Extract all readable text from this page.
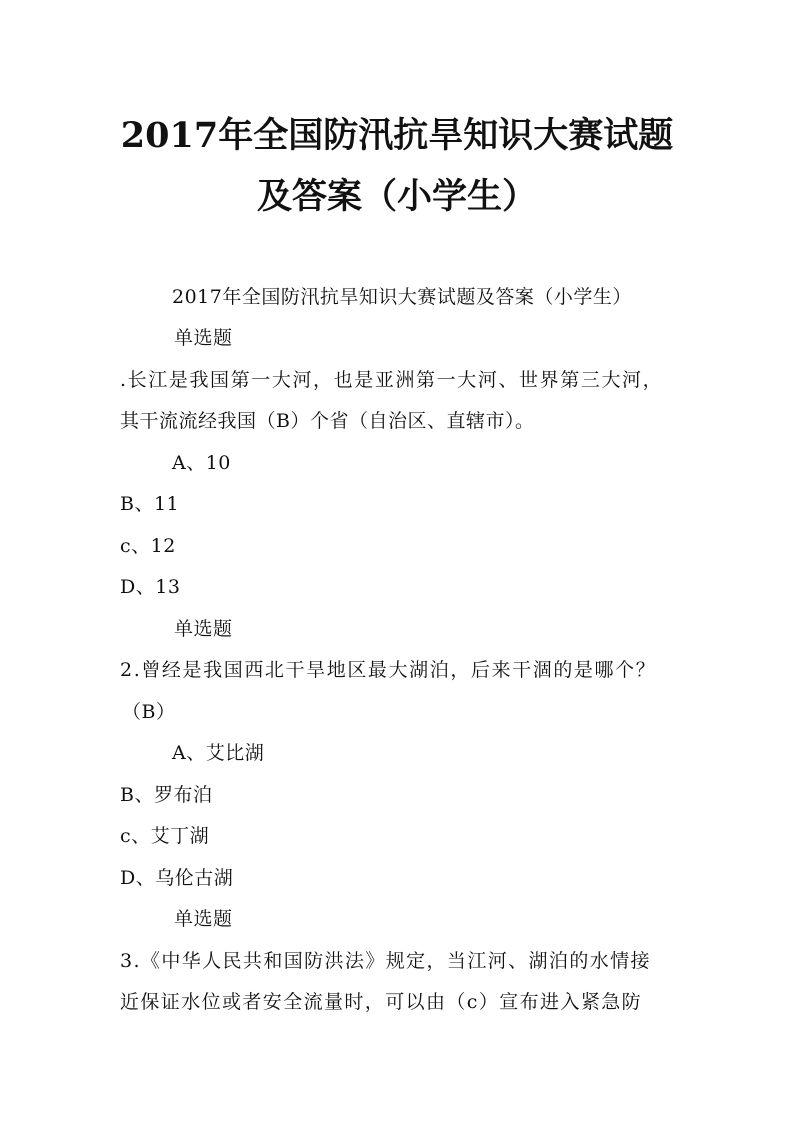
2017年全国防汛抗旱知识大赛试题
及答案（小学生）
2017年全国防汛抗旱知识大赛试题及答案（小学生）
单选题
.长江是我国第一大河，也是亚洲第一大河、世界第三大河，
其干流流经我国（B）个省（自治区、直辖市）。
A、10
B、11
c、12
D、13
单选题
2.曾经是我国西北干旱地区最大湖泊，后来干涸的是哪个？
（B）
A、艾比湖
B、罗布泊
c、艾丁湖
D、乌伦古湖
单选题
3.《中华人民共和国防洪法》规定，当江河、湖泊的水情接
近保证水位或者安全流量时，可以由（c）宣布进入紧急防
